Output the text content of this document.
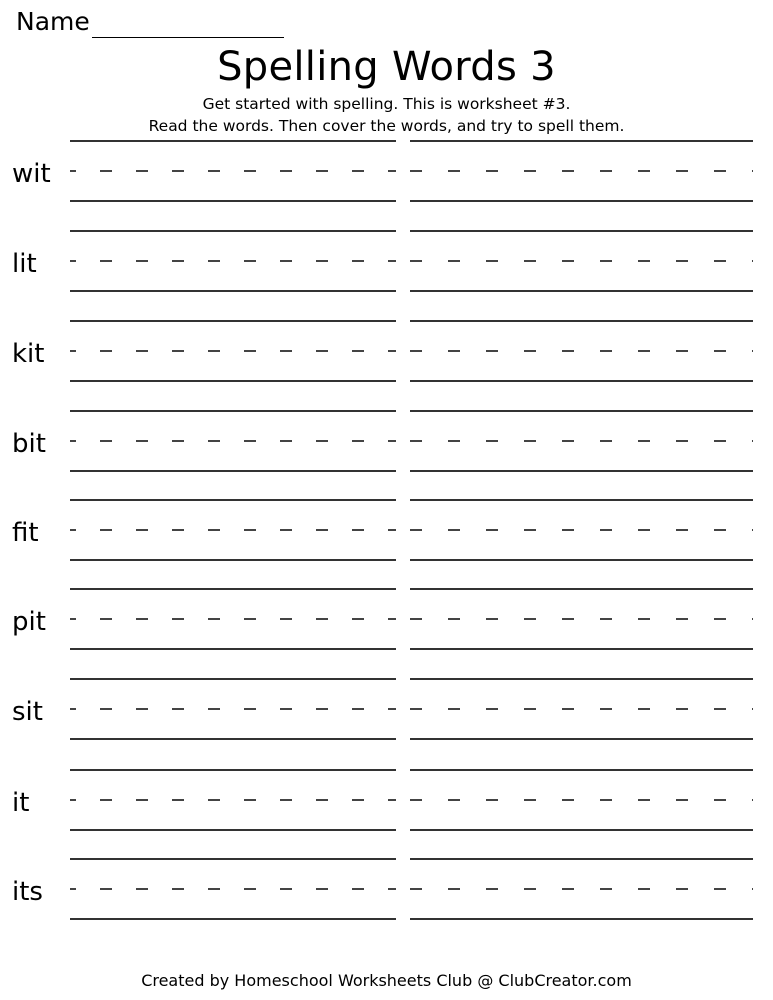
Name
Spelling Words 3
Get started with spelling. This is worksheet #3.
Read the words. Then cover the words, and try to spell them.
wit
lit
kit
bit
fit
pit
sit
it
its
Created by Homeschool Worksheets Club @ ClubCreator.com
